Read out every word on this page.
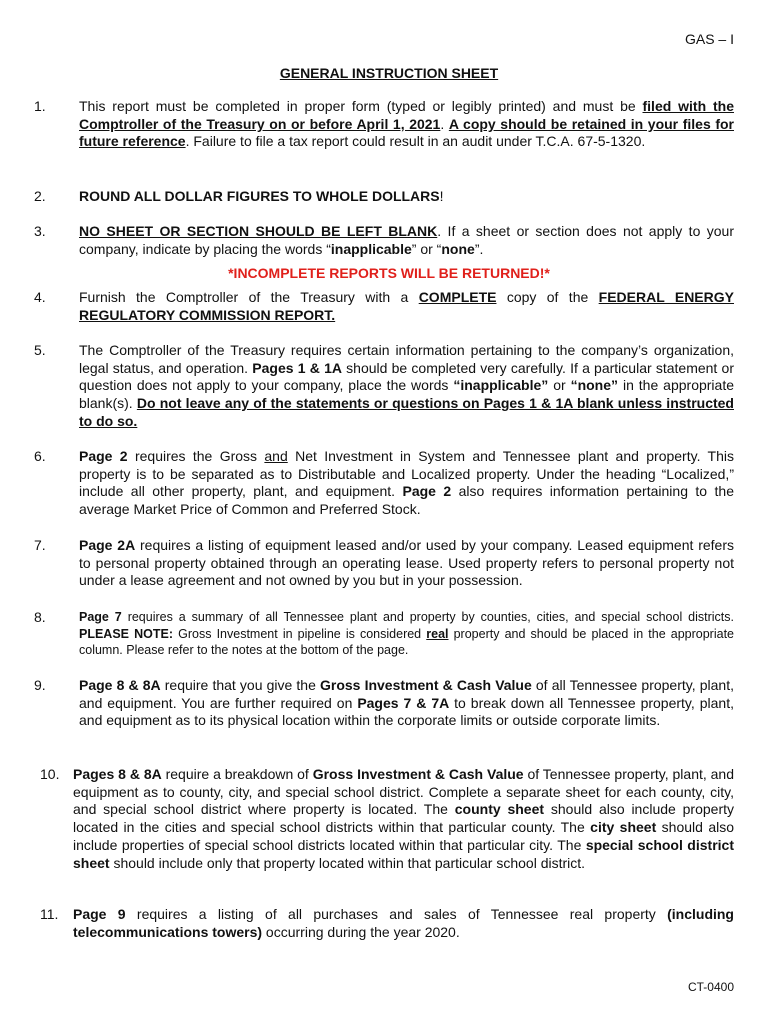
GAS – I
GENERAL INSTRUCTION SHEET
1. This report must be completed in proper form (typed or legibly printed) and must be filed with the Comptroller of the Treasury on or before April 1, 2021. A copy should be retained in your files for future reference. Failure to file a tax report could result in an audit under T.C.A. 67-5-1320.
2. ROUND ALL DOLLAR FIGURES TO WHOLE DOLLARS!
3. NO SHEET OR SECTION SHOULD BE LEFT BLANK. If a sheet or section does not apply to your company, indicate by placing the words “inapplicable” or “none”.
*INCOMPLETE REPORTS WILL BE RETURNED!*
4. Furnish the Comptroller of the Treasury with a COMPLETE copy of the FEDERAL ENERGY REGULATORY COMMISSION REPORT.
5. The Comptroller of the Treasury requires certain information pertaining to the company’s organization, legal status, and operation. Pages 1 & 1A should be completed very carefully. If a particular statement or question does not apply to your company, place the words “inapplicable” or “none” in the appropriate blank(s). Do not leave any of the statements or questions on Pages 1 & 1A blank unless instructed to do so.
6. Page 2 requires the Gross and Net Investment in System and Tennessee plant and property. This property is to be separated as to Distributable and Localized property. Under the heading “Localized,” include all other property, plant, and equipment. Page 2 also requires information pertaining to the average Market Price of Common and Preferred Stock.
7. Page 2A requires a listing of equipment leased and/or used by your company. Leased equipment refers to personal property obtained through an operating lease. Used property refers to personal property not under a lease agreement and not owned by you but in your possession.
8.	Page 7 requires a summary of all Tennessee plant and property by counties, cities, and special school districts. PLEASE NOTE: Gross Investment in pipeline is considered real property and should be placed in the appropriate column. Please refer to the notes at the bottom of the page.
9. Page 8 & 8A require that you give the Gross Investment & Cash Value of all Tennessee property, plant, and equipment. You are further required on Pages 7 & 7A to break down all Tennessee property, plant, and equipment as to its physical location within the corporate limits or outside corporate limits.
10. Pages 8 & 8A require a breakdown of Gross Investment & Cash Value of Tennessee property, plant, and equipment as to county, city, and special school district. Complete a separate sheet for each county, city, and special school district where property is located. The county sheet should also include property located in the cities and special school districts within that particular county. The city sheet should also include properties of special school districts located within that particular city. The special school district sheet should include only that property located within that particular school district.
11. Page 9 requires a listing of all purchases and sales of Tennessee real property (including telecommunications towers) occurring during the year 2020.
CT-0400
